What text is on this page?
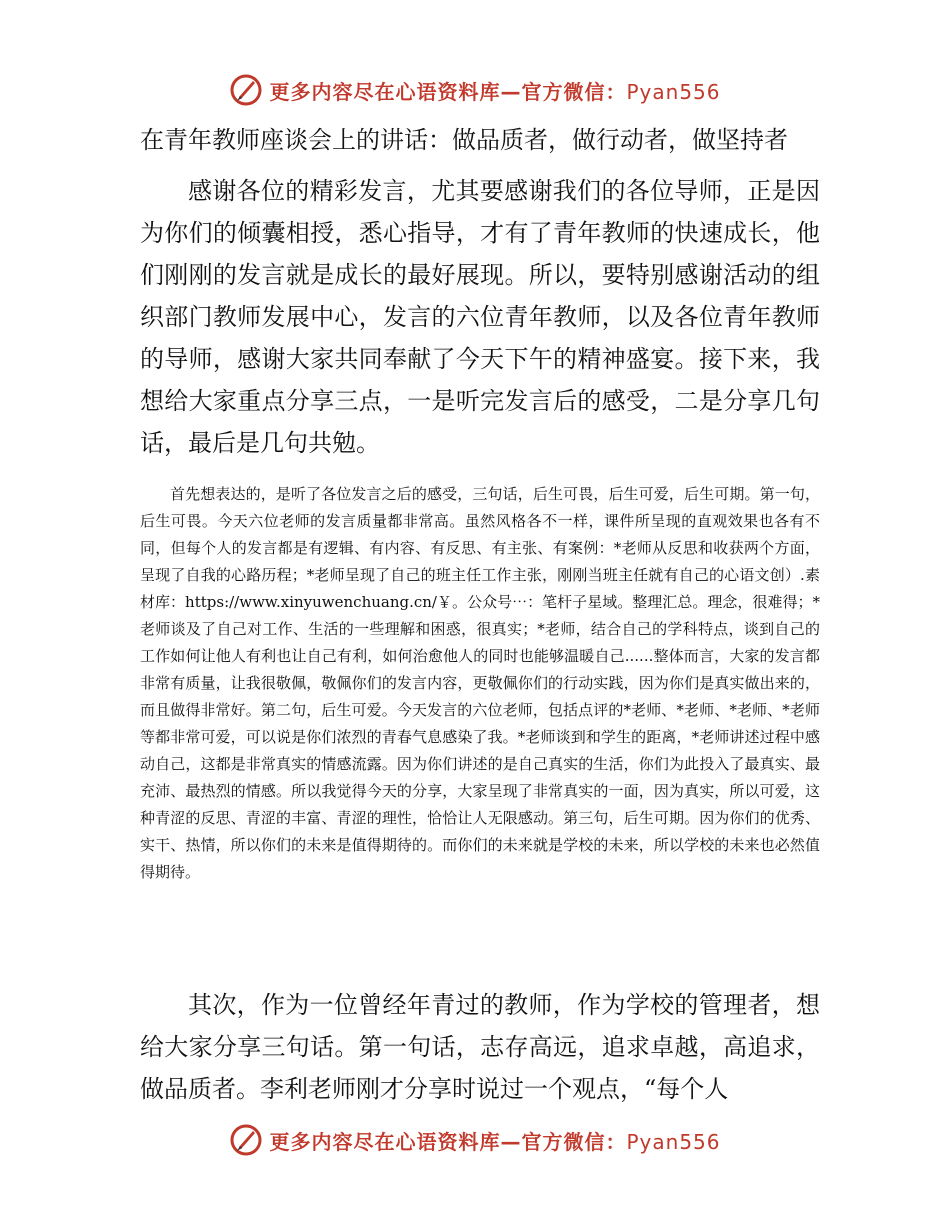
更多内容尽在心语资料库—官方微信：Pyan556
在青年教师座谈会上的讲话：做品质者，做行动者，做坚持者

感谢各位的精彩发言，尤其要感谢我们的各位导师，正是因为你们的倾囊相授，悉心指导，才有了青年教师的快速成长，他们刚刚的发言就是成长的最好展现。所以，要特别感谢活动的组织部门教师发展中心，发言的六位青年教师，以及各位青年教师的导师，感谢大家共同奉献了今天下午的精神盛宴。接下来，我想给大家重点分享三点，一是听完发言后的感受，二是分享几句话，最后是几句共勉。

首先想表达的，是听了各位发言之后的感受，三句话，后生可畏，后生可爱，后生可期。第一句，后生可畏。今天六位老师的发言质量都非常高。虽然风格各不一样，课件所呈现的直观效果也各有不同，但每个人的发言都是有逻辑、有内容、有反思、有主张、有案例：*老师从反思和收获两个方面，呈现了自我的心路历程；*老师呈现了自己的班主任工作主张，刚刚当班主任就有自己的心语文创）.素材库：https://www.xinyuwenchuang.cn/￥。公众号⋯：笔杆子星域。整理汇总。理念，很难得；*老师谈及了自己对工作、生活的一些理解和困惑，很真实；*老师，结合自己的学科特点，谈到自己的工作如何让他人有利也让自己有利，如何治愈他人的同时也能够温暖自己......整体而言，大家的发言都非常有质量，让我很敬佩，敬佩你们的发言内容，更敬佩你们的行动实践，因为你们是真实做出来的，而且做得非常好。第二句，后生可爱。今天发言的六位老师，包括点评的*老师、*老师、*老师、*老师等都非常可爱，可以说是你们浓烈的青春气息感染了我。*老师谈到和学生的距离，*老师讲述过程中感动自己，这都是非常真实的情感流露。因为你们讲述的是自己真实的生活，你们为此投入了最真实、最充沛、最热烈的情感。所以我觉得今天的分享，大家呈现了非常真实的一面，因为真实，所以可爱，这种青涩的反思、青涩的丰富、青涩的理性，恰恰让人无限感动。第三句，后生可期。因为你们的优秀、实干、热情，所以你们的未来是值得期待的。而你们的未来就是学校的未来，所以学校的未来也必然值得期待。

其次，作为一位曾经年青过的教师，作为学校的管理者，想给大家分享三句话。第一句话，志存高远，追求卓越，高追求，做品质者。李利老师刚才分享时说过一个观点，“每个人

更多内容尽在心语资料库—官方微信：Pyan556
